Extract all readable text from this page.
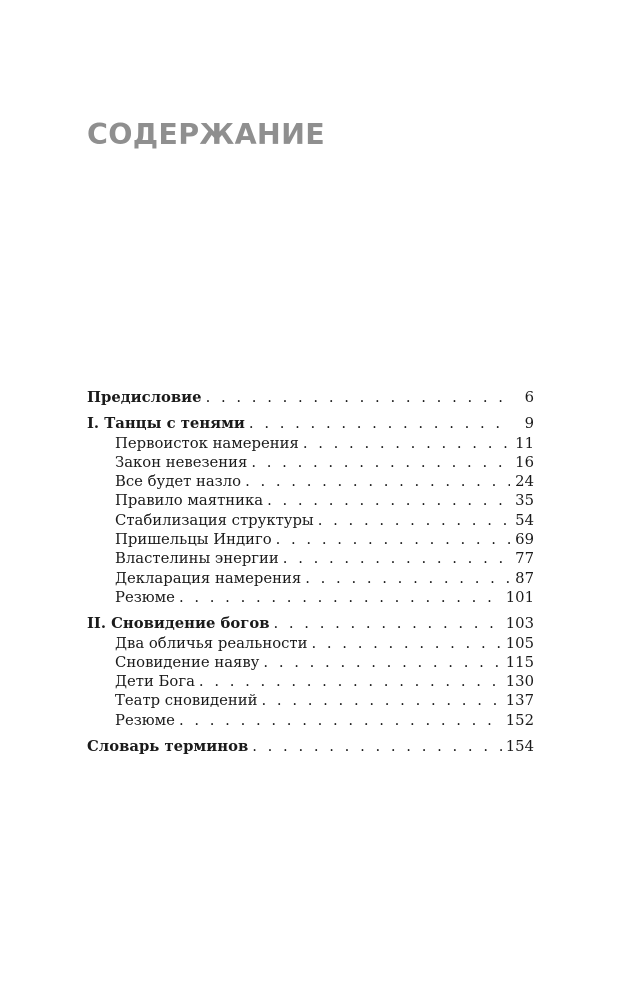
СОДЕРЖАНИЕ
Предисловие . . .	6
I. Танцы с тенями . . .	9
Первоисток намерения . . .	11
Закон невезения . . .	16
Все будет назло . . .	24
Правило маятника . . .	35
Стабилизация структуры . . .	54
Пришельцы Индиго . . .	69
Властелины энергии . . .	77
Декларация намерения . . .	87
Резюме . . .	101
II. Сновидение богов . . .	103
Два обличья реальности . . .	105
Сновидение наяву . . .	115
Дети Бога . . .	130
Театр сновидений . . .	137
Резюме . . .	152
Словарь терминов . . .	154
